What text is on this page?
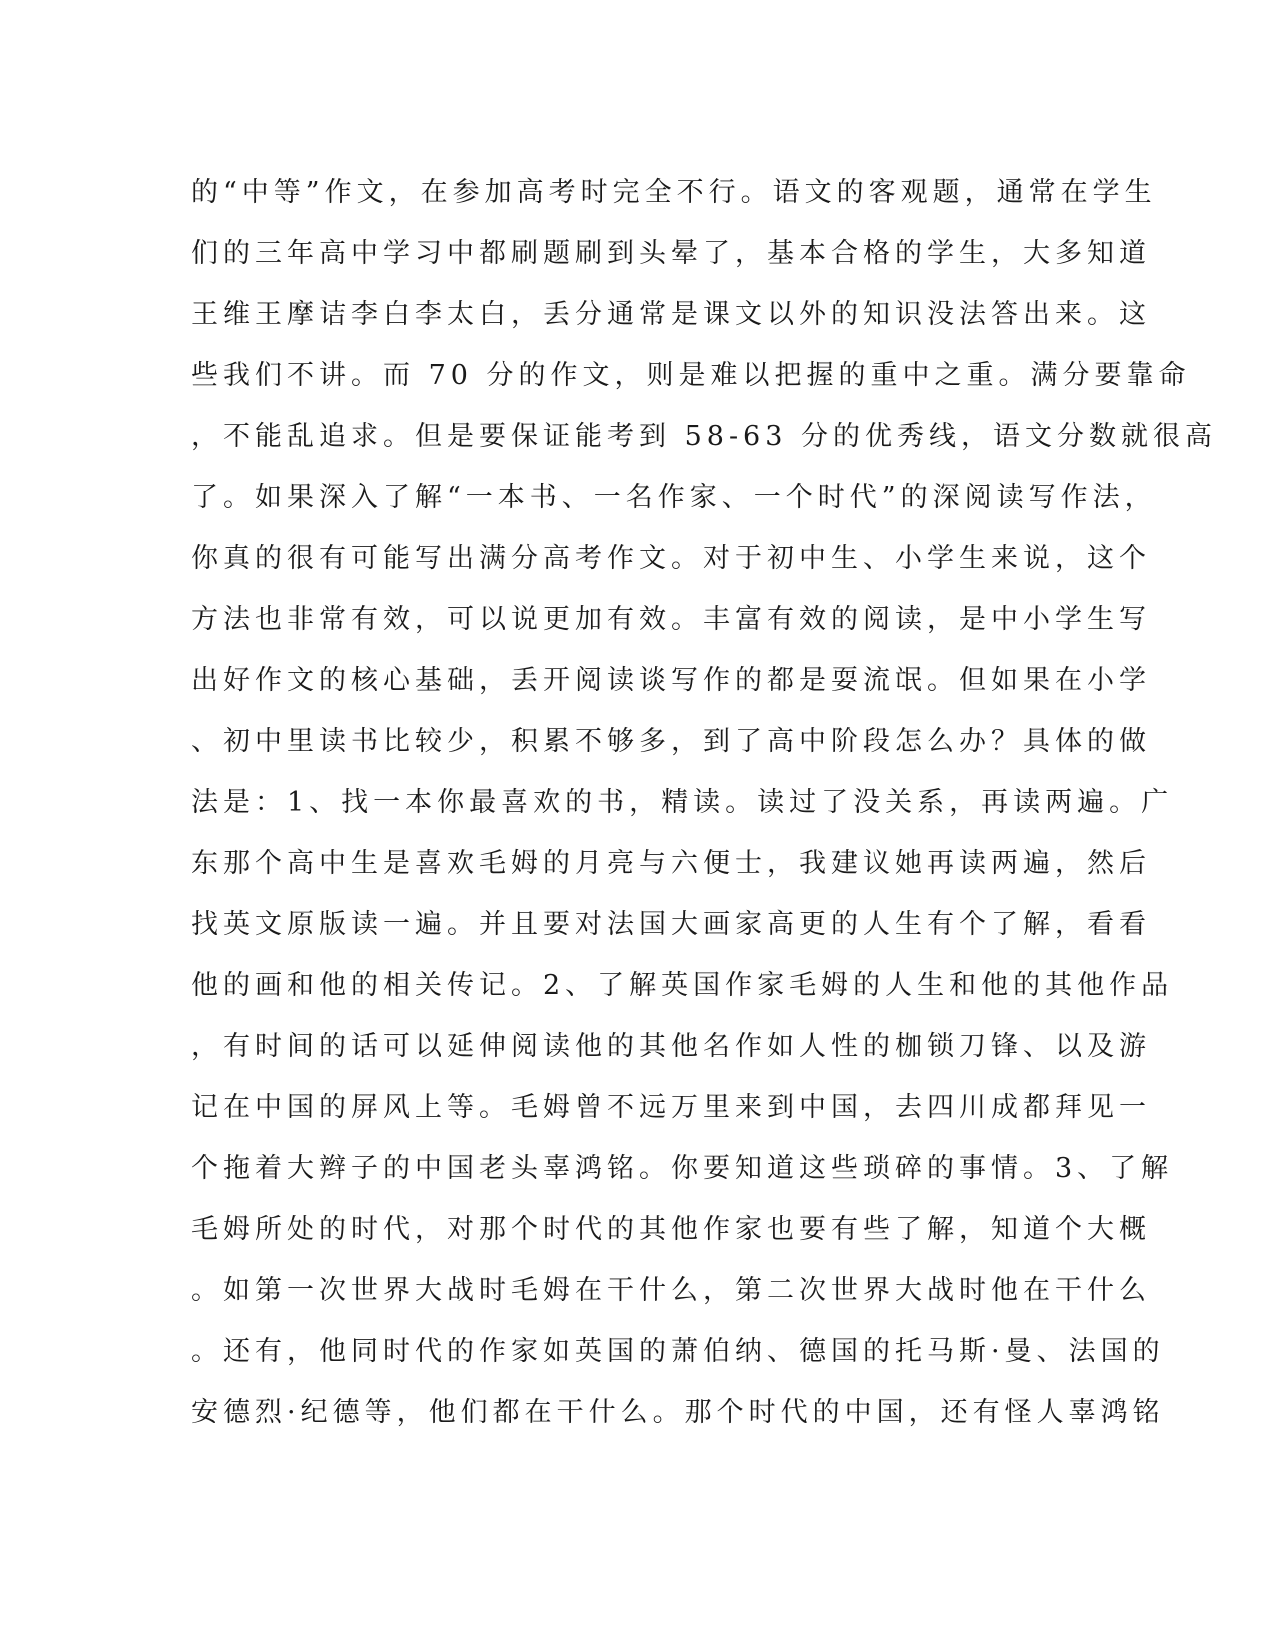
的“中等”作文，在参加高考时完全不行。语文的客观题，通常在学生
们的三年高中学习中都刷题刷到头晕了，基本合格的学生，大多知道
王维王摩诘李白李太白，丢分通常是课文以外的知识没法答出来。这
些我们不讲。而 70 分的作文，则是难以把握的重中之重。满分要靠命
，不能乱追求。但是要保证能考到 58-63 分的优秀线，语文分数就很高
了。如果深入了解“一本书、一名作家、一个时代”的深阅读写作法，
你真的很有可能写出满分高考作文。对于初中生、小学生来说，这个
方法也非常有效，可以说更加有效。丰富有效的阅读，是中小学生写
出好作文的核心基础，丢开阅读谈写作的都是耍流氓。但如果在小学
、初中里读书比较少，积累不够多，到了高中阶段怎么办？具体的做
法是：1、找一本你最喜欢的书，精读。读过了没关系，再读两遍。广
东那个高中生是喜欢毛姆的月亮与六便士，我建议她再读两遍，然后
找英文原版读一遍。并且要对法国大画家高更的人生有个了解，看看
他的画和他的相关传记。2、了解英国作家毛姆的人生和他的其他作品
，有时间的话可以延伸阅读他的其他名作如人性的枷锁刀锋、以及游
记在中国的屏风上等。毛姆曾不远万里来到中国，去四川成都拜见一
个拖着大辫子的中国老头辜鸿铭。你要知道这些琐碎的事情。3、了解
毛姆所处的时代，对那个时代的其他作家也要有些了解，知道个大概
。如第一次世界大战时毛姆在干什么，第二次世界大战时他在干什么
。还有，他同时代的作家如英国的萧伯纳、德国的托马斯·曼、法国的
安德烈·纪德等，他们都在干什么。那个时代的中国，还有怪人辜鸿铭
